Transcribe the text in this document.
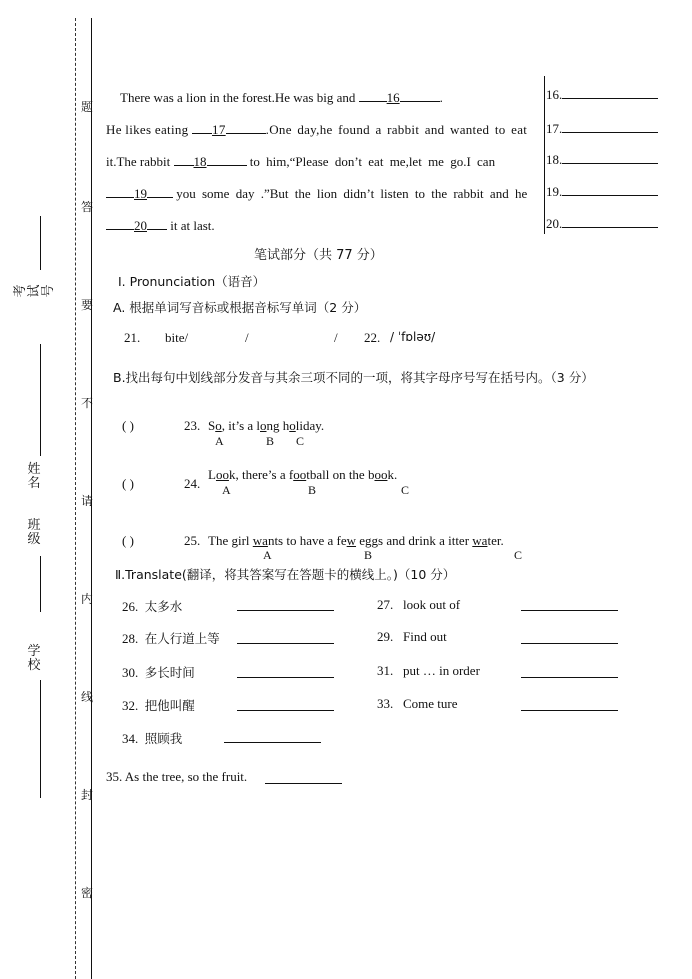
题
答
要
不
请
内
线
封
密
考试号
姓名
班级
学校
There was a lion in the forest.He was big and 16	.
He likes eating 17	.One day,he found a rabbit and wanted to eat
it.The rabbit 18	to him,“Please don’t eat me,let me go.I can
19 you some day .”But the lion didn’t listen to the rabbit and he
20 it at last.
16.
17.
18.
19.
20.
笔试部分（共 77 分）
Ⅰ. Pronunciation（语音）
A. 根据单词写音标或根据音标写单词（2 分）
21. bite/	/	/ 22. / ˈfɒləʊ/
B.找出每句中划线部分发音与其余三项不同的一项，将其字母序号写在括号内。（3 分）
( )	23. So, it’s a long holiday.
A	B C
( )	24.
Look, there’s a football on the book.
A	B	C
( )	25. The girl wants to have a few eggs and drink a itter water.
A	B	C
Ⅱ.Translate(翻译，将其答案写在答题卡的横线上。)（10 分）
26. 太多水	27. look out of
28. 在人行道上等	29. Find out
30. 多长时间	31. put … in order
32. 把他叫醒	33. Come ture
34. 照顾我
35. As the tree, so the fruit.
